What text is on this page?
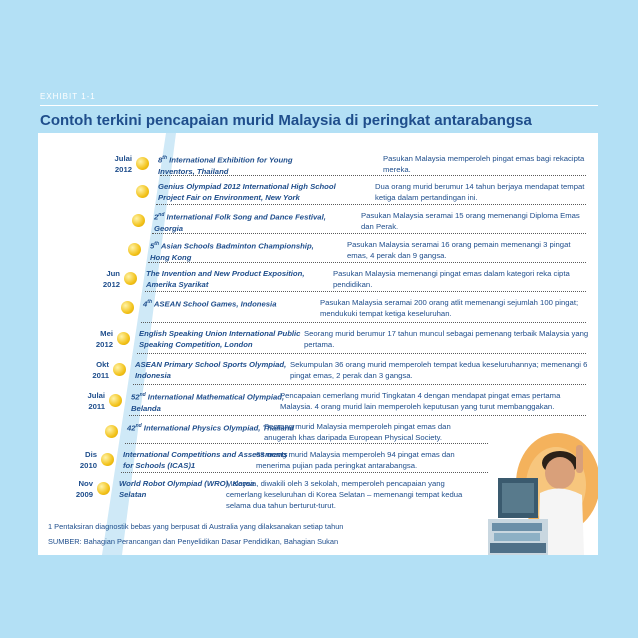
EXHIBIT 1-1
Contoh terkini pencapaian murid Malaysia di peringkat antarabangsa
Julai
2012
8th International Exhibition for Young Inventors, Thailand
Pasukan Malaysia memperoleh pingat emas bagi rekacipta mereka.
Genius Olympiad 2012 International High School Project Fair on Environment, New York
Dua orang murid berumur 14 tahun berjaya mendapat tempat ketiga dalam pertandingan ini.
2nd International Folk Song and Dance Festival, Georgia
Pasukan Malaysia seramai 15 orang memenangi Diploma Emas dan Perak.
5th Asian Schools Badminton Championship, Hong Kong
Pasukan Malaysia seramai 16 orang pemain memenangi 3 pingat emas, 4 perak dan 9 gangsa.
Jun
2012
The Invention and New Product Exposition, Amerika Syarikat
Pasukan Malaysia memenangi pingat emas dalam kategori reka cipta pendidikan.
4th ASEAN School Games, Indonesia	Pasukan Malaysia seramai 200 orang atlit memenangi sejumlah 100 pingat; mendukuki tempat ketiga keseluruhan.
Mei
2012
English Speaking Union International Public Speaking Competition, London
Seorang murid berumur 17 tahun muncul sebagai pemenang terbaik Malaysia yang pertama.
Okt
2011
ASEAN Primary School Sports Olympiad, Indonesia
Sekumpulan 36 orang murid memperoleh tempat kedua keseluruhannya; memenangi 6 pingat emas, 2 perak dan 3 gangsa.
Julai
2011
52nd International Mathematical Olympiad, Belanda
Pencapaian cemerlang murid Tingkatan 4 dengan mendapat pingat emas pertama Malaysia. 4 orang murid lain memperoleh keputusan yang turut membanggakan.
42nd International Physics Olympiad, Thailand
Seorang murid Malaysia memperoleh pingat emas dan anugerah khas daripada European Physical Society.
Dis
2010
International Competitions and Assessments for Schools (ICAS)1
68 orang murid Malaysia memperoleh 94 pingat emas dan menerima pujian pada peringkat antarabangsa.
Nov
2009
World Robot Olympiad (WRO), Korea Selatan
Malaysia, diwakili oleh 3 sekolah, memperoleh pencapaian yang cemerlang keseluruhan di Korea Selatan – memenangi tempat kedua selama dua tahun berturut-turut.
1 Pentaksiran diagnostik bebas yang berpusat di Australia yang dilaksanakan setiap tahun
SUMBER: Bahagian Perancangan dan Penyelidikan Dasar Pendidikan, Bahagian Sukan
